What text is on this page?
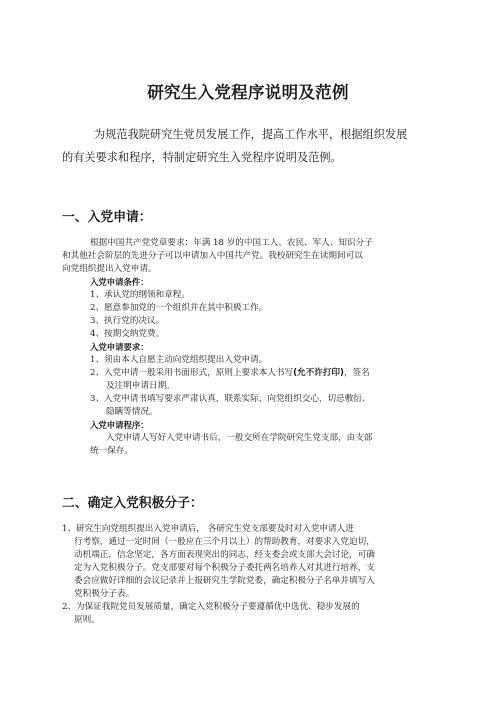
研究生入党程序说明及范例
为规范我院研究生党员发展工作，提高工作水平，根据组织发展
的有关要求和程序，特制定研究生入党程序说明及范例。
一、入党申请：
根据中国共产党党章要求：年满 18 岁的中国工人、农民、军人、知识分子
和其他社会阶层的先进分子可以申请加入中国共产党。我校研究生在读期间可以
向党组织提出入党申请。
入党申请条件：
1、承认党的纲领和章程。
2、愿意参加党的一个组织并在其中积极工作。
3、执行党的决议。
4、按期交纳党费。
入党申请要求：
1、须由本人自愿主动向党组织提出入党申请。
2、入党申请一般采用书面形式，原则上要求本人书写(允不许打印)，签名
及注明申请日期。
3、入党申请书填写要求严肃认真，联系实际，向党组织交心，切忌敷衍、
隐瞒等情况。
入党申请程序：
入党申请人写好入党申请书后，一般交所在学院研究生党支部，由支部
统一保存。
二、确定入党积极分子：
1、研究生向党组织提出入党申请后， 各研究生党支部要及时对入党申请人进
行考察，通过一定时间（一般应在三个月以上）的帮助教育，对要求入党迫切，
动机端正，信念坚定，各方面表现突出的同志，经支委会或支部大会讨论，可确
定为入党积极分子。党支部要对每个积极分子委托两名培养人对其进行培养，支
委会应做好详细的会议记录并上报研究生学院党委，确定积极分子名单并填写入
党积极分子表。
2、为保证我院党员发展质量，确定入党积极分子要遵循优中选优、稳步发展的
原则。
